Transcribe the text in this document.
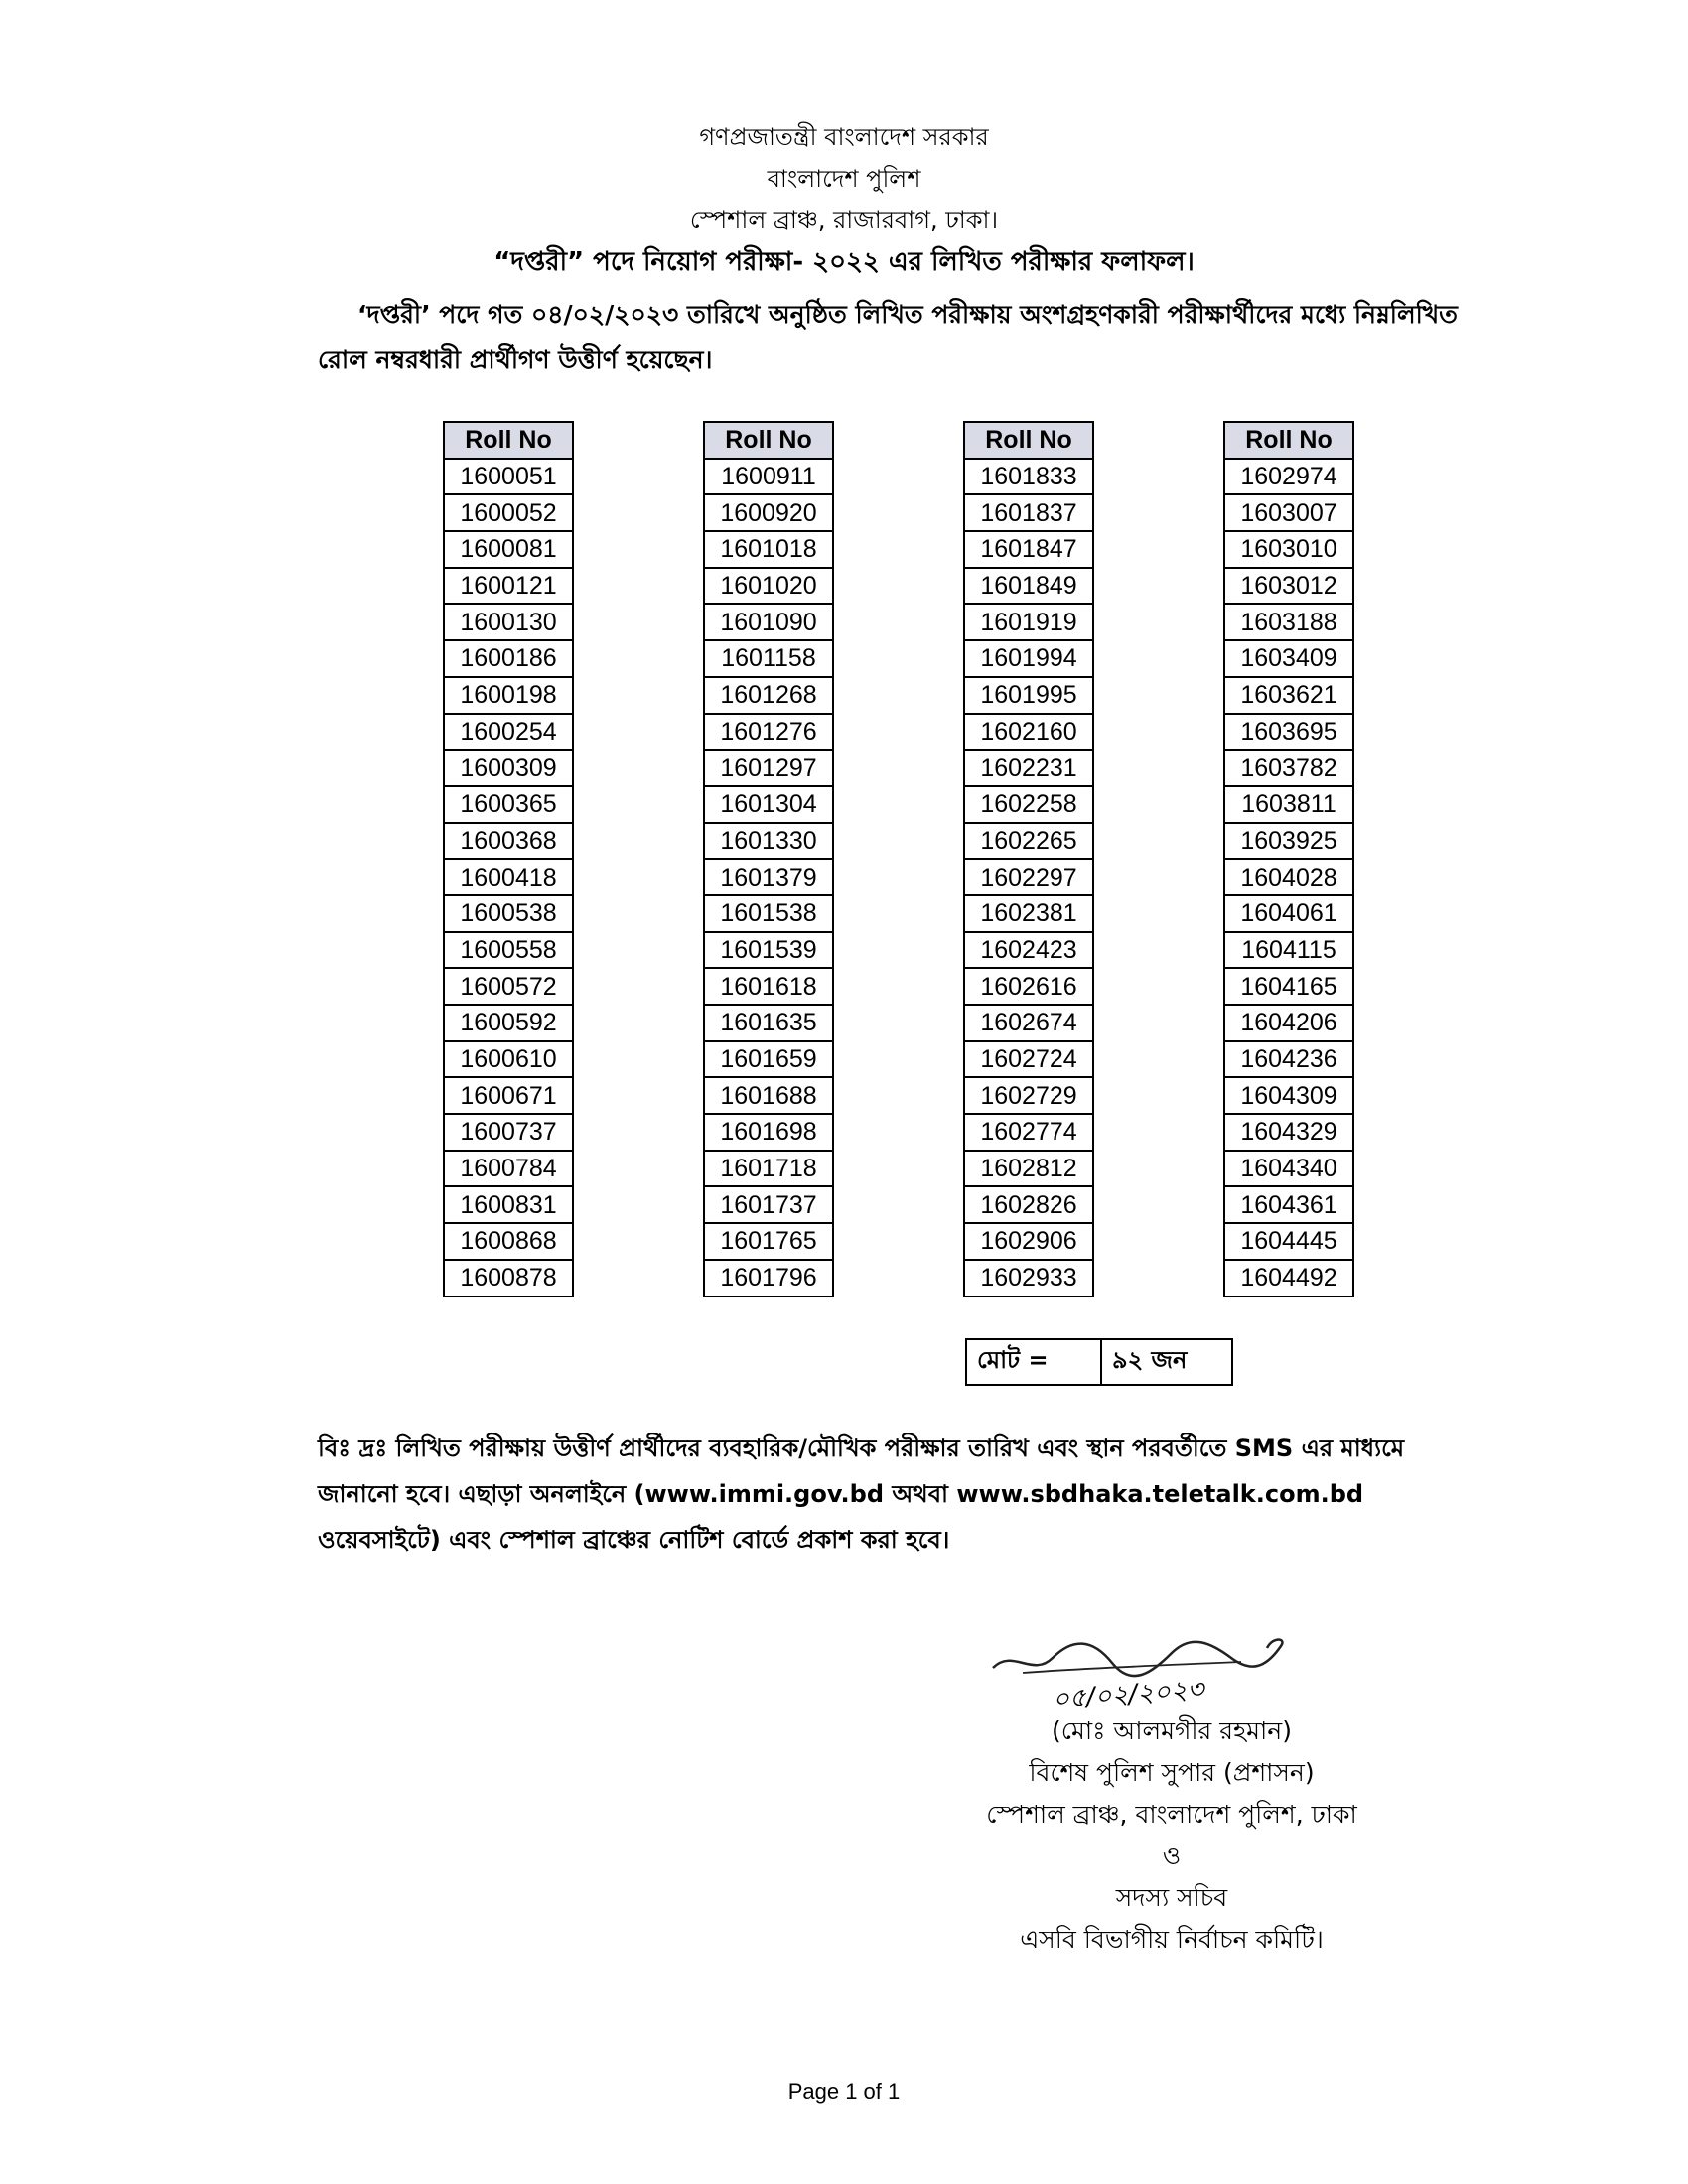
গণপ্রজাতন্ত্রী বাংলাদেশ সরকার
বাংলাদেশ পুলিশ
স্পেশাল ব্রাঞ্চ, রাজারবাগ, ঢাকা।
“দপ্তরী” পদে নিয়োগ পরীক্ষা- ২০২২ এর লিখিত পরীক্ষার ফলাফল।

‘দপ্তরী’ পদে গত ০৪/০২/২০২৩ তারিখে অনুষ্ঠিত লিখিত পরীক্ষায় অংশগ্রহণকারী পরীক্ষার্থীদের মধ্যে নিম্নলিখিত রোল নম্বরধারী প্রার্থীগণ উত্তীর্ণ হয়েছেন।

Roll No
1600051
1600052
1600081
1600121
1600130
1600186
1600198
1600254
1600309
1600365
1600368
1600418
1600538
1600558
1600572
1600592
1600610
1600671
1600737
1600784
1600831
1600868
1600878
Roll No
1600911
1600920
1601018
1601020
1601090
1601158
1601268
1601276
1601297
1601304
1601330
1601379
1601538
1601539
1601618
1601635
1601659
1601688
1601698
1601718
1601737
1601765
1601796
Roll No
1601833
1601837
1601847
1601849
1601919
1601994
1601995
1602160
1602231
1602258
1602265
1602297
1602381
1602423
1602616
1602674
1602724
1602729
1602774
1602812
1602826
1602906
1602933
Roll No
1602974
1603007
1603010
1603012
1603188
1603409
1603621
1603695
1603782
1603811
1603925
1604028
1604061
1604115
1604165
1604206
1604236
1604309
1604329
1604340
1604361
1604445
1604492
মোট =	৯২ জন

বিঃ দ্রঃ লিখিত পরীক্ষায় উত্তীর্ণ প্রার্থীদের ব্যবহারিক/মৌখিক পরীক্ষার তারিখ এবং স্থান পরবর্তীতে SMS এর মাধ্যমে জানানো হবে। এছাড়া অনলাইনে (www.immi.gov.bd অথবা www.sbdhaka.teletalk.com.bd ওয়েবসাইটে) এবং স্পেশাল ব্রাঞ্চের নোটিশ বোর্ডে প্রকাশ করা হবে।

০৫/০২/২০২৩
(মোঃ আলমগীর রহমান)
বিশেষ পুলিশ সুপার (প্রশাসন)
স্পেশাল ব্রাঞ্চ, বাংলাদেশ পুলিশ, ঢাকা
ও
সদস্য সচিব
এসবি বিভাগীয় নির্বাচন কমিটি।
Page 1 of 1
